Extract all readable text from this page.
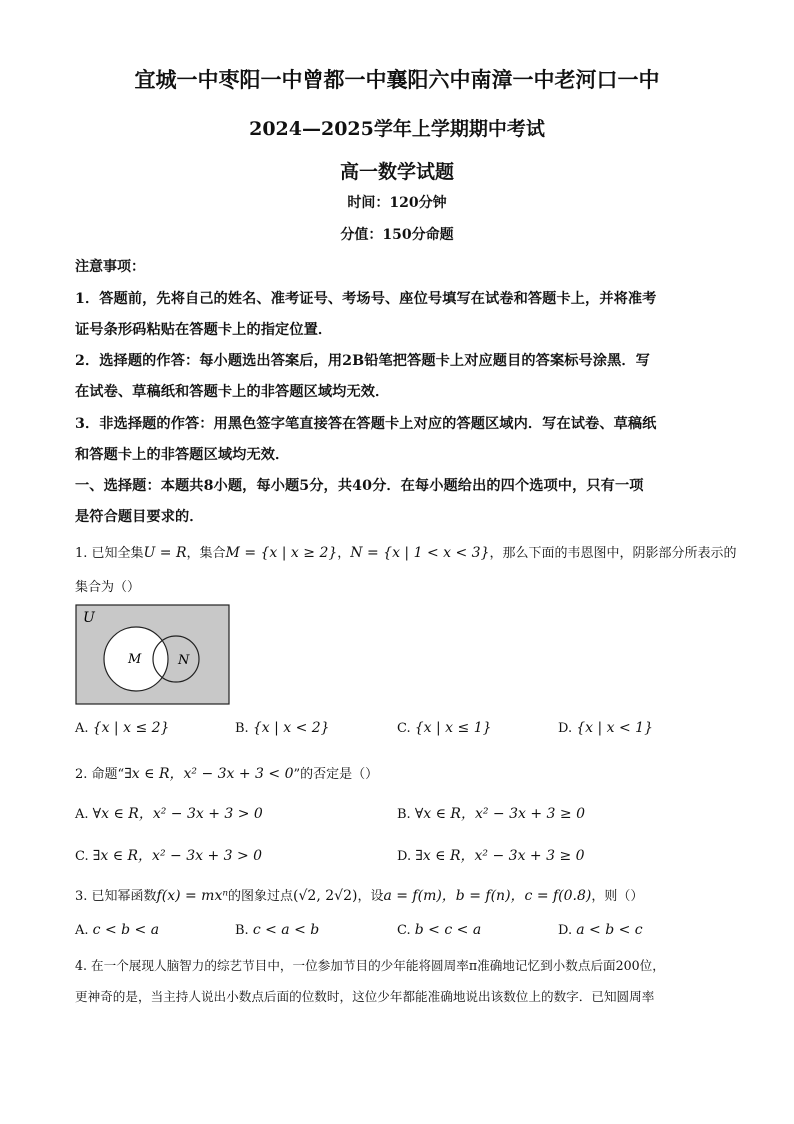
宜城一中枣阳一中曾都一中襄阳六中南漳一中老河口一中
2024—2025学年上学期期中考试
高一数学试题
时间：120分钟
分值：150分命题
注意事项：
1．答题前，先将自己的姓名、准考证号、考场号、座位号填写在试卷和答题卡上，并将准考
证号条形码粘贴在答题卡上的指定位置．
2．选择题的作答：每小题选出答案后，用2B铅笔把答题卡上对应题目的答案标号涂黑．写
在试卷、草稿纸和答题卡上的非答题区域均无效．
3．非选择题的作答：用黑色签字笔直接答在答题卡上对应的答题区域内．写在试卷、草稿纸
和答题卡上的非答题区域均无效．
一、选择题：本题共8小题，每小题5分，共40分．在每小题给出的四个选项中，只有一项
是符合题目要求的．
1. 已知全集U = R，集合M = {x | x ≥ 2}，N = {x | 1 < x < 3}，那么下面的韦恩图中，阴影部分所表示的
集合为（）
U
M	N
A. {x | x ≤ 2}	B. {x | x < 2}	C. {x | x ≤ 1}	D. {x | x < 1}
2. 命题“∃x ∈ R，x² − 3x + 3 < 0”的否定是（）
A. ∀x ∈ R，x² − 3x + 3 > 0	B. ∀x ∈ R，x² − 3x + 3 ≥ 0
C. ∃x ∈ R，x² − 3x + 3 > 0	D. ∃x ∈ R，x² − 3x + 3 ≥ 0
3. 已知幂函数f(x) = mxⁿ的图象过点(√2, 2√2)，设a = f(m)，b = f(n)，c = f(0.8)，则（）
A. c < b < a	B. c < a < b	C. b < c < a	D. a < b < c
4. 在一个展现人脑智力的综艺节目中，一位参加节目的少年能将圆周率π准确地记忆到小数点后面200位，
更神奇的是，当主持人说出小数点后面的位数时，这位少年都能准确地说出该数位上的数字．已知圆周率
